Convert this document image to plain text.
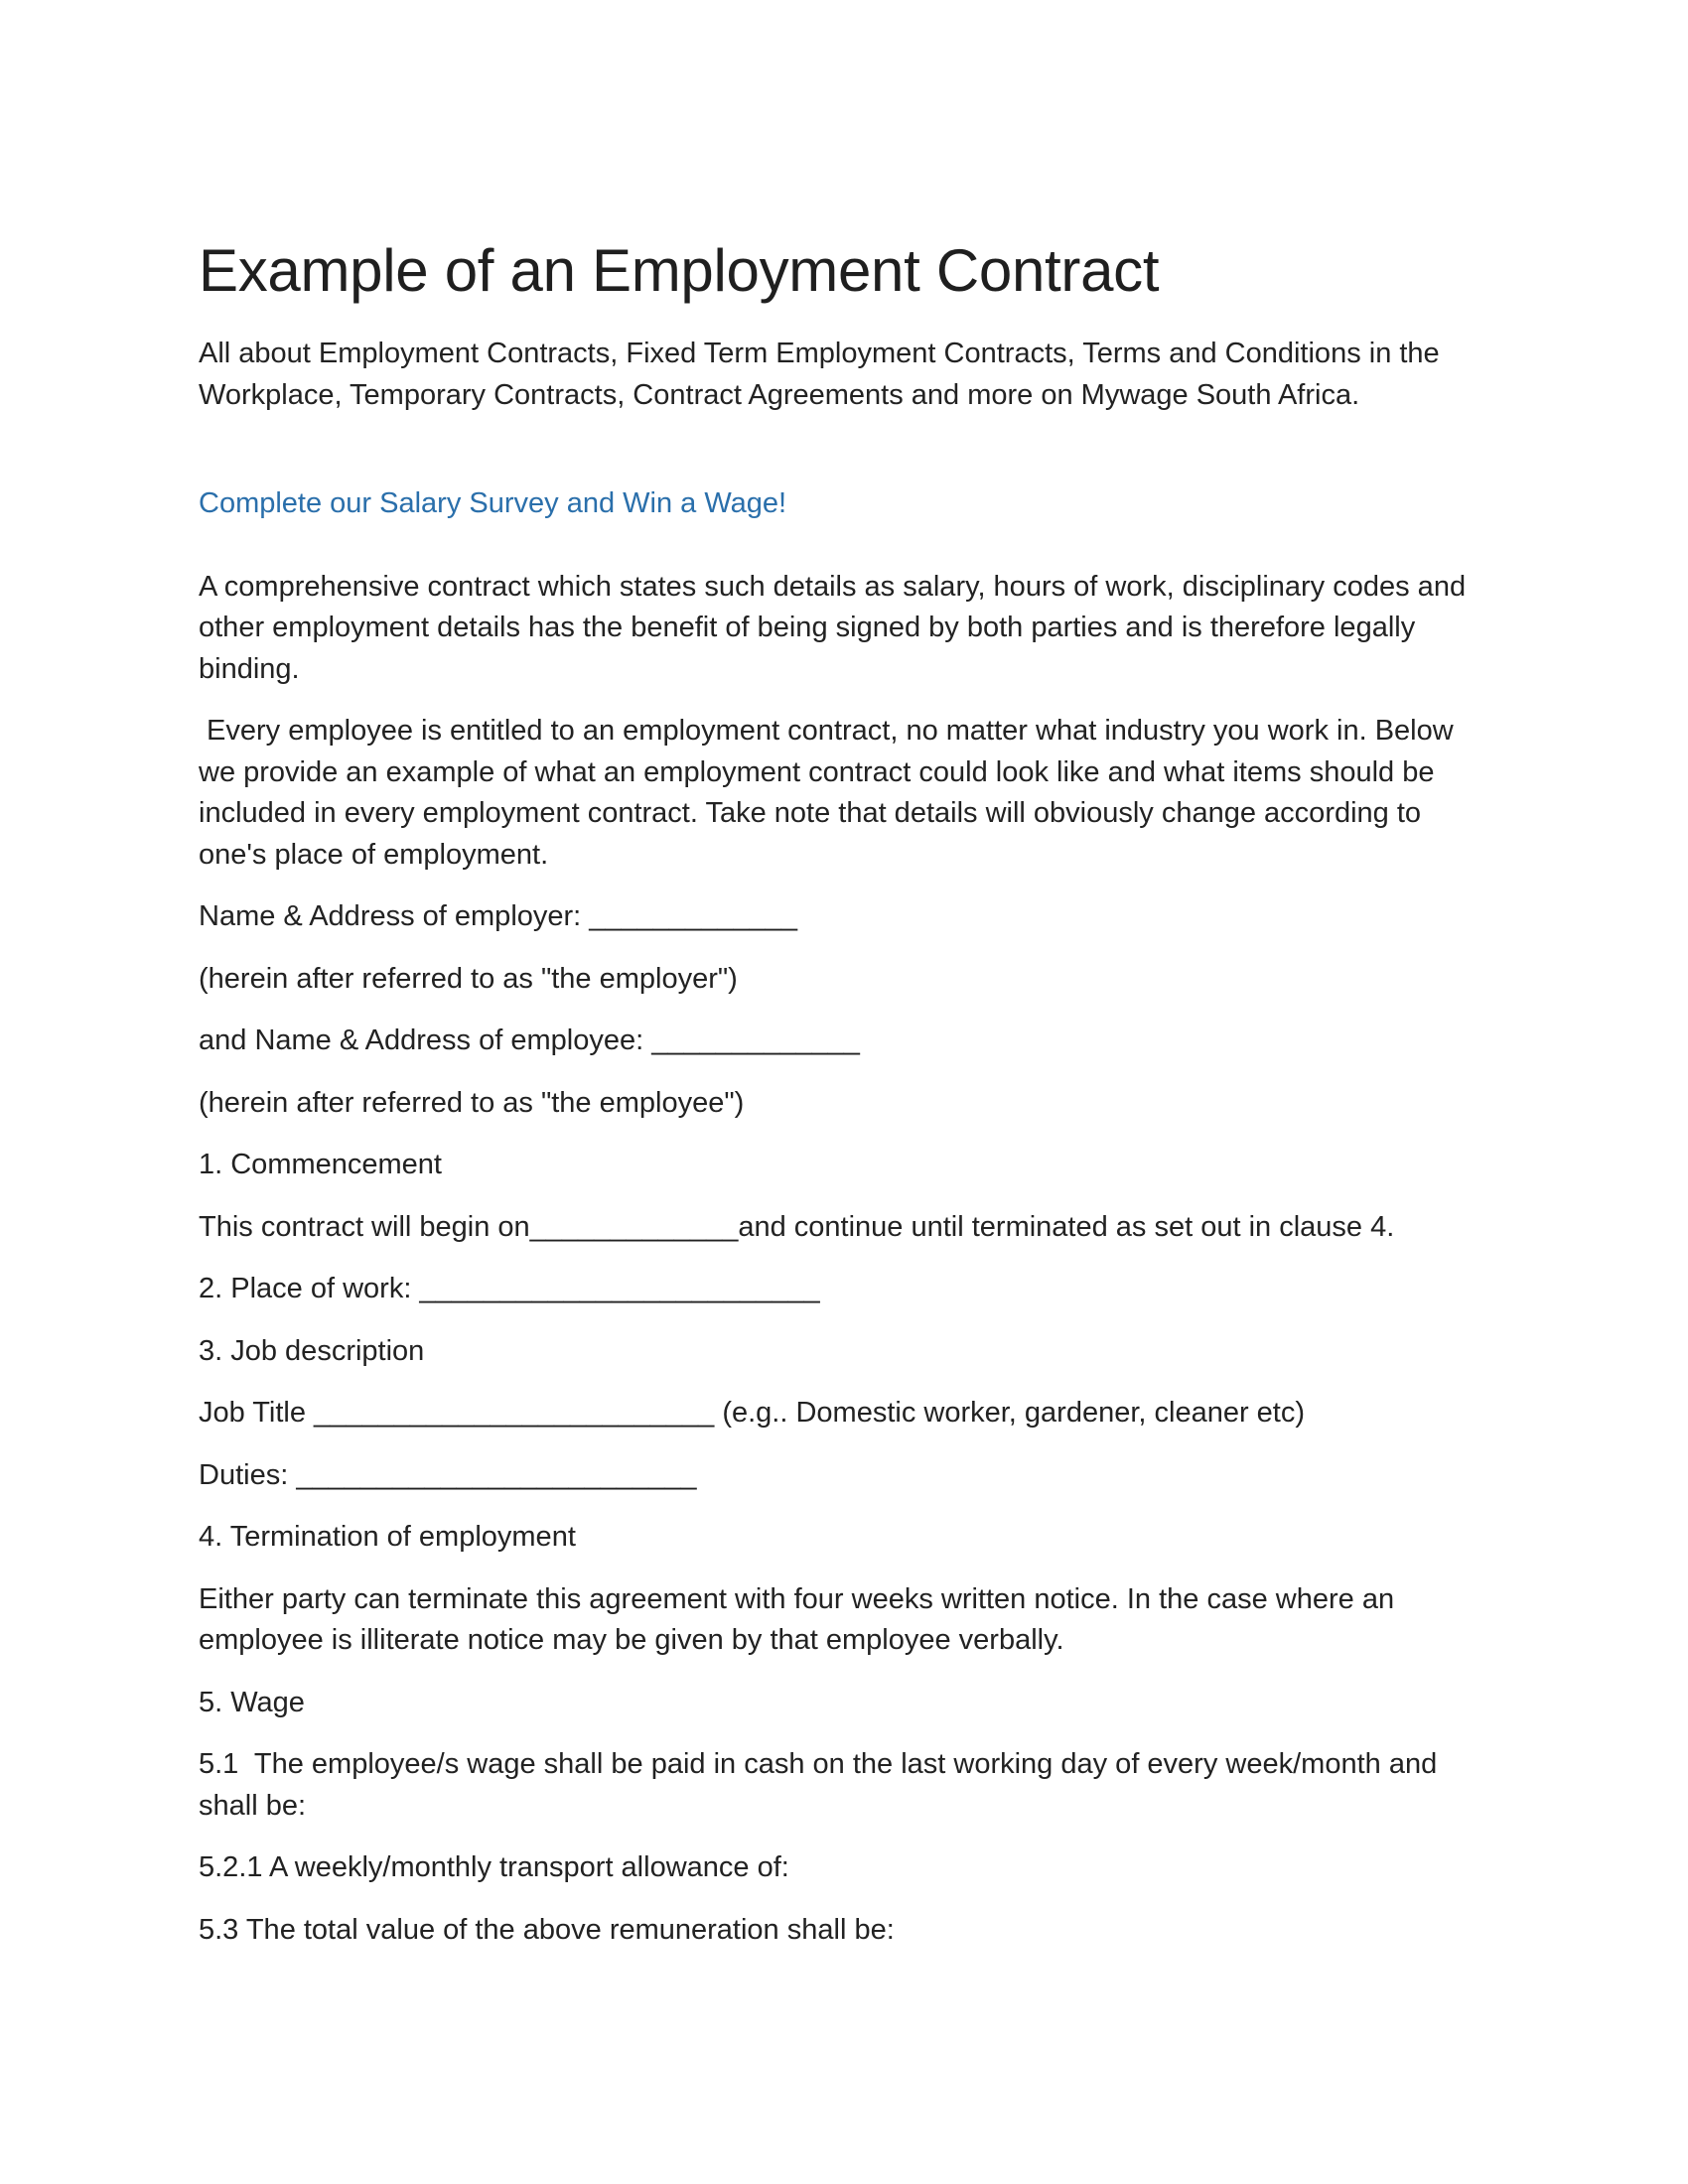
Example of an Employment Contract

All about Employment Contracts, Fixed Term Employment Contracts, Terms and Conditions in the Workplace, Temporary Contracts, Contract Agreements and more on Mywage South Africa.

Complete our Salary Survey and Win a Wage!

A comprehensive contract which states such details as salary, hours of work, disciplinary codes and other employment details has the benefit of being signed by both parties and is therefore legally binding.

Every employee is entitled to an employment contract, no matter what industry you work in. Below we provide an example of what an employment contract could look like and what items should be included in every employment contract. Take note that details will obviously change according to one's place of employment.

Name & Address of employer: _____________

(herein after referred to as "the employer")

and Name & Address of employee: _____________

(herein after referred to as "the employee")

1. Commencement

This contract will begin on_____________and continue until terminated as set out in clause 4.

2. Place of work: _________________________

3. Job description

Job Title _________________________ (e.g.. Domestic worker, gardener, cleaner etc)

Duties: _________________________

4. Termination of employment

Either party can terminate this agreement with four weeks written notice. In the case where an employee is illiterate notice may be given by that employee verbally.

5. Wage

5.1  The employee/s wage shall be paid in cash on the last working day of every week/month and shall be:

5.2.1 A weekly/monthly transport allowance of:

5.3 The total value of the above remuneration shall be:
